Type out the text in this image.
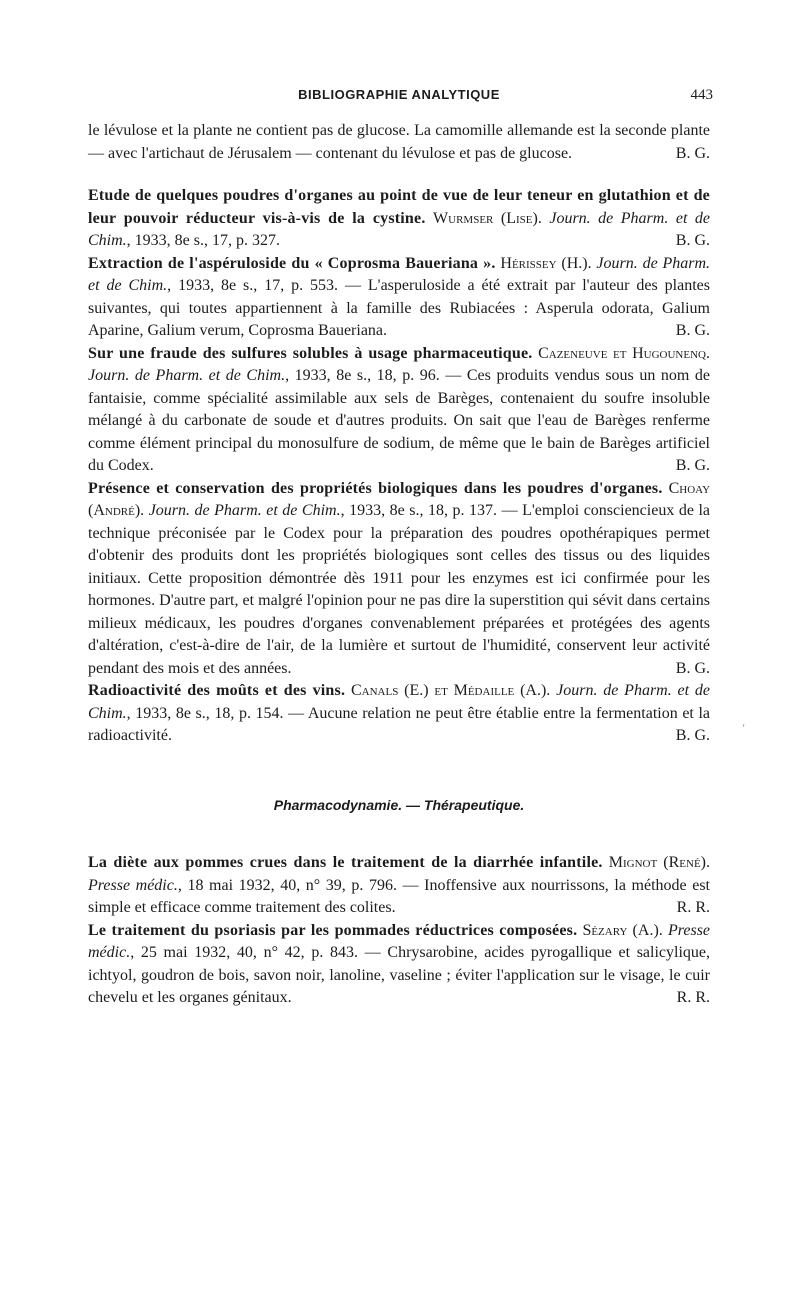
BIBLIOGRAPHIE ANALYTIQUE	443

le lévulose et la plante ne contient pas de glucose. La camomille allemande est la seconde plante — avec l'artichaut de Jérusalem — contenant du lévulose et pas de glucose.	B. G.

Etude de quelques poudres d'organes au point de vue de leur teneur en glutathion et de leur pouvoir réducteur vis-à-vis de la cystine. Wurmser (Lise). Journ. de Pharm. et de Chim., 1933, 8e s., 17, p. 327.	B. G.

Extraction de l'aspéruloside du « Coprosma Baueriana ». Hérissey (H.). Journ. de Pharm. et de Chim., 1933, 8e s., 17, p. 553. — L'asperuloside a été extrait par l'auteur des plantes suivantes, qui toutes appartiennent à la famille des Rubiacées : Asperula odorata, Galium Aparine, Galium verum, Coprosma Baueriana.	B. G.

Sur une fraude des sulfures solubles à usage pharmaceutique. Cazeneuve et Hugounenq. Journ. de Pharm. et de Chim., 1933, 8e s., 18, p. 96. — Ces produits vendus sous un nom de fantaisie, comme spécialité assimilable aux sels de Barèges, contenaient du soufre insoluble mélangé à du carbonate de soude et d'autres produits. On sait que l'eau de Barèges renferme comme élément principal du monosulfure de sodium, de même que le bain de Barèges artificiel du Codex.	B. G.

Présence et conservation des propriétés biologiques dans les poudres d'organes. Choay (André). Journ. de Pharm. et de Chim., 1933, 8e s., 18, p. 137. — L'emploi consciencieux de la technique préconisée par le Codex pour la préparation des poudres opothérapiques permet d'obtenir des produits dont les propriétés biologiques sont celles des tissus ou des liquides initiaux. Cette proposition démontrée dès 1911 pour les enzymes est ici confirmée pour les hormones. D'autre part, et malgré l'opinion pour ne pas dire la superstition qui sévit dans certains milieux médicaux, les poudres d'organes convenablement préparées et protégées des agents d'altération, c'est-à-dire de l'air, de la lumière et surtout de l'humidité, conservent leur activité pendant des mois et des années.	B. G.

Radioactivité des moûts et des vins. Canals (E.) et Médaille (A.). Journ. de Pharm. et de Chim., 1933, 8e s., 18, p. 154. — Aucune relation ne peut être établie entre la fermentation et la radioactivité.	B. G.

Pharmacodynamie. — Thérapeutique.

La diète aux pommes crues dans le traitement de la diarrhée infantile. Mignot (René). Presse médic., 18 mai 1932, 40, n° 39, p. 796. — Inoffensive aux nourrissons, la méthode est simple et efficace comme traitement des colites.	R. R.

Le traitement du psoriasis par les pommades réductrices composées. Sézary (A.). Presse médic., 25 mai 1932, 40, n° 42, p. 843. — Chrysarobine, acides pyrogallique et salicylique, ichtyol, goudron de bois, savon noir, lanoline, vaseline ; éviter l'application sur le visage, le cuir chevelu et les organes génitaux.	R. R.

‘
